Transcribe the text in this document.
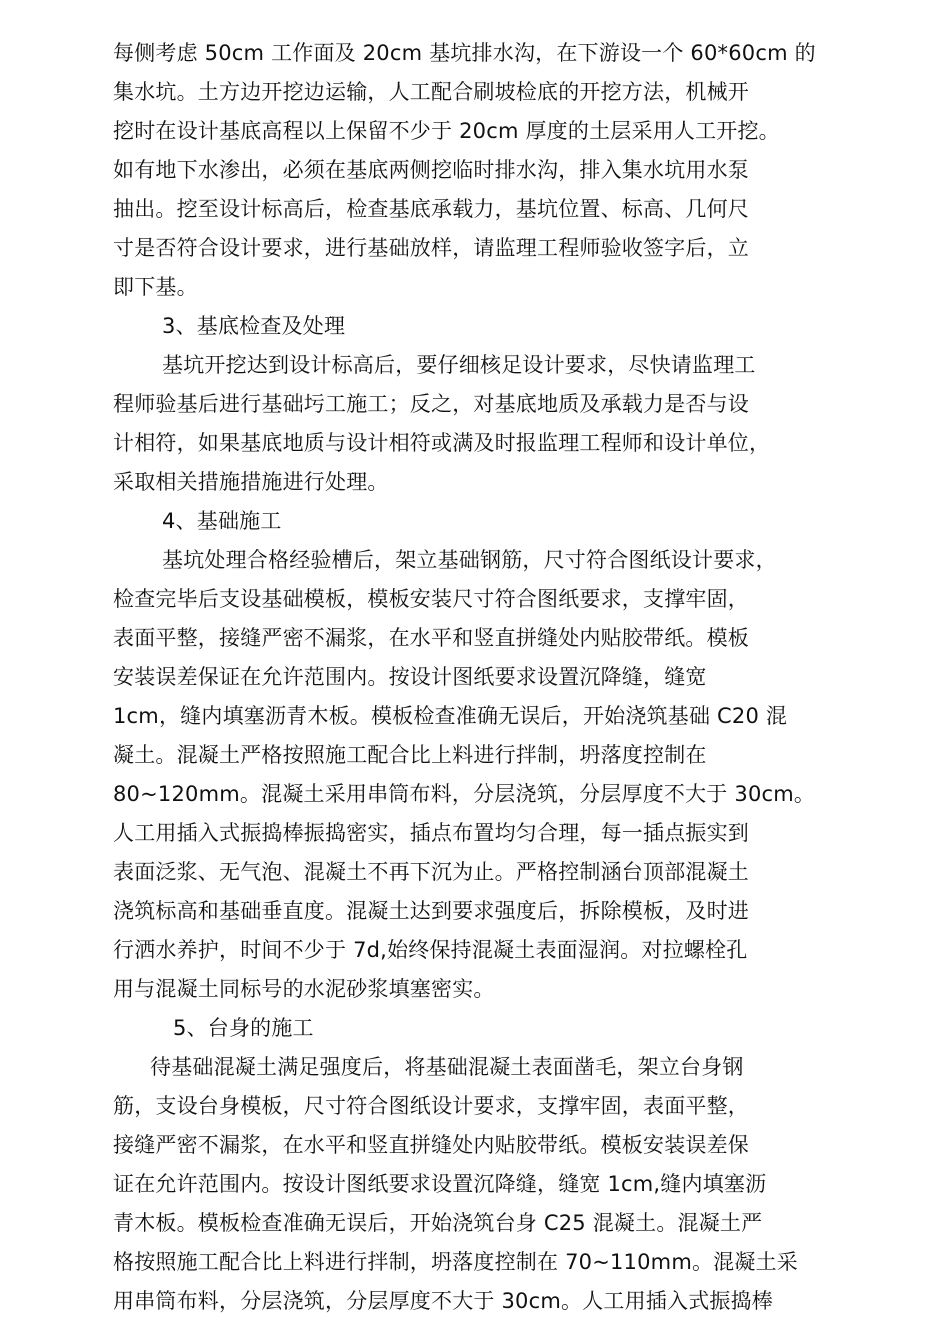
每侧考虑 50cm 工作面及 20cm 基坑排水沟，在下游设一个 60*60cm 的
集水坑。土方边开挖边运输，人工配合刷坡检底的开挖方法，机械开
挖时在设计基底高程以上保留不少于 20cm 厚度的土层采用人工开挖。
如有地下水渗出，必须在基底两侧挖临时排水沟，排入集水坑用水泵
抽出。挖至设计标高后，检查基底承载力，基坑位置、标高、几何尺
寸是否符合设计要求，进行基础放样，请监理工程师验收签字后，立
即下基。
3、基底检查及处理
基坑开挖达到设计标高后，要仔细核足设计要求，尽快请监理工
程师验基后进行基础圬工施工；反之，对基底地质及承载力是否与设
计相符，如果基底地质与设计相符或满及时报监理工程师和设计单位，
采取相关措施措施进行处理。
4、基础施工
基坑处理合格经验槽后，架立基础钢筋，尺寸符合图纸设计要求，
检查完毕后支设基础模板，模板安装尺寸符合图纸要求，支撑牢固，
表面平整，接缝严密不漏浆，在水平和竖直拼缝处内贴胶带纸。模板
安装误差保证在允许范围内。按设计图纸要求设置沉降缝，缝宽
1cm，缝内填塞沥青木板。模板检查准确无误后，开始浇筑基础 C20 混
凝土。混凝土严格按照施工配合比上料进行拌制，坍落度控制在
80~120mm。混凝土采用串筒布料，分层浇筑，分层厚度不大于 30cm。
人工用插入式振捣棒振捣密实，插点布置均匀合理，每一插点振实到
表面泛浆、无气泡、混凝土不再下沉为止。严格控制涵台顶部混凝土
浇筑标高和基础垂直度。混凝土达到要求强度后，拆除模板，及时进
行洒水养护，时间不少于 7d,始终保持混凝土表面湿润。对拉螺栓孔
用与混凝土同标号的水泥砂浆填塞密实。
5、台身的施工
待基础混凝土满足强度后，将基础混凝土表面凿毛，架立台身钢
筋，支设台身模板，尺寸符合图纸设计要求，支撑牢固，表面平整，
接缝严密不漏浆，在水平和竖直拼缝处内贴胶带纸。模板安装误差保
证在允许范围内。按设计图纸要求设置沉降缝，缝宽 1cm,缝内填塞沥
青木板。模板检查准确无误后，开始浇筑台身 C25 混凝土。混凝土严
格按照施工配合比上料进行拌制，坍落度控制在 70~110mm。混凝土采
用串筒布料，分层浇筑，分层厚度不大于 30cm。人工用插入式振捣棒
